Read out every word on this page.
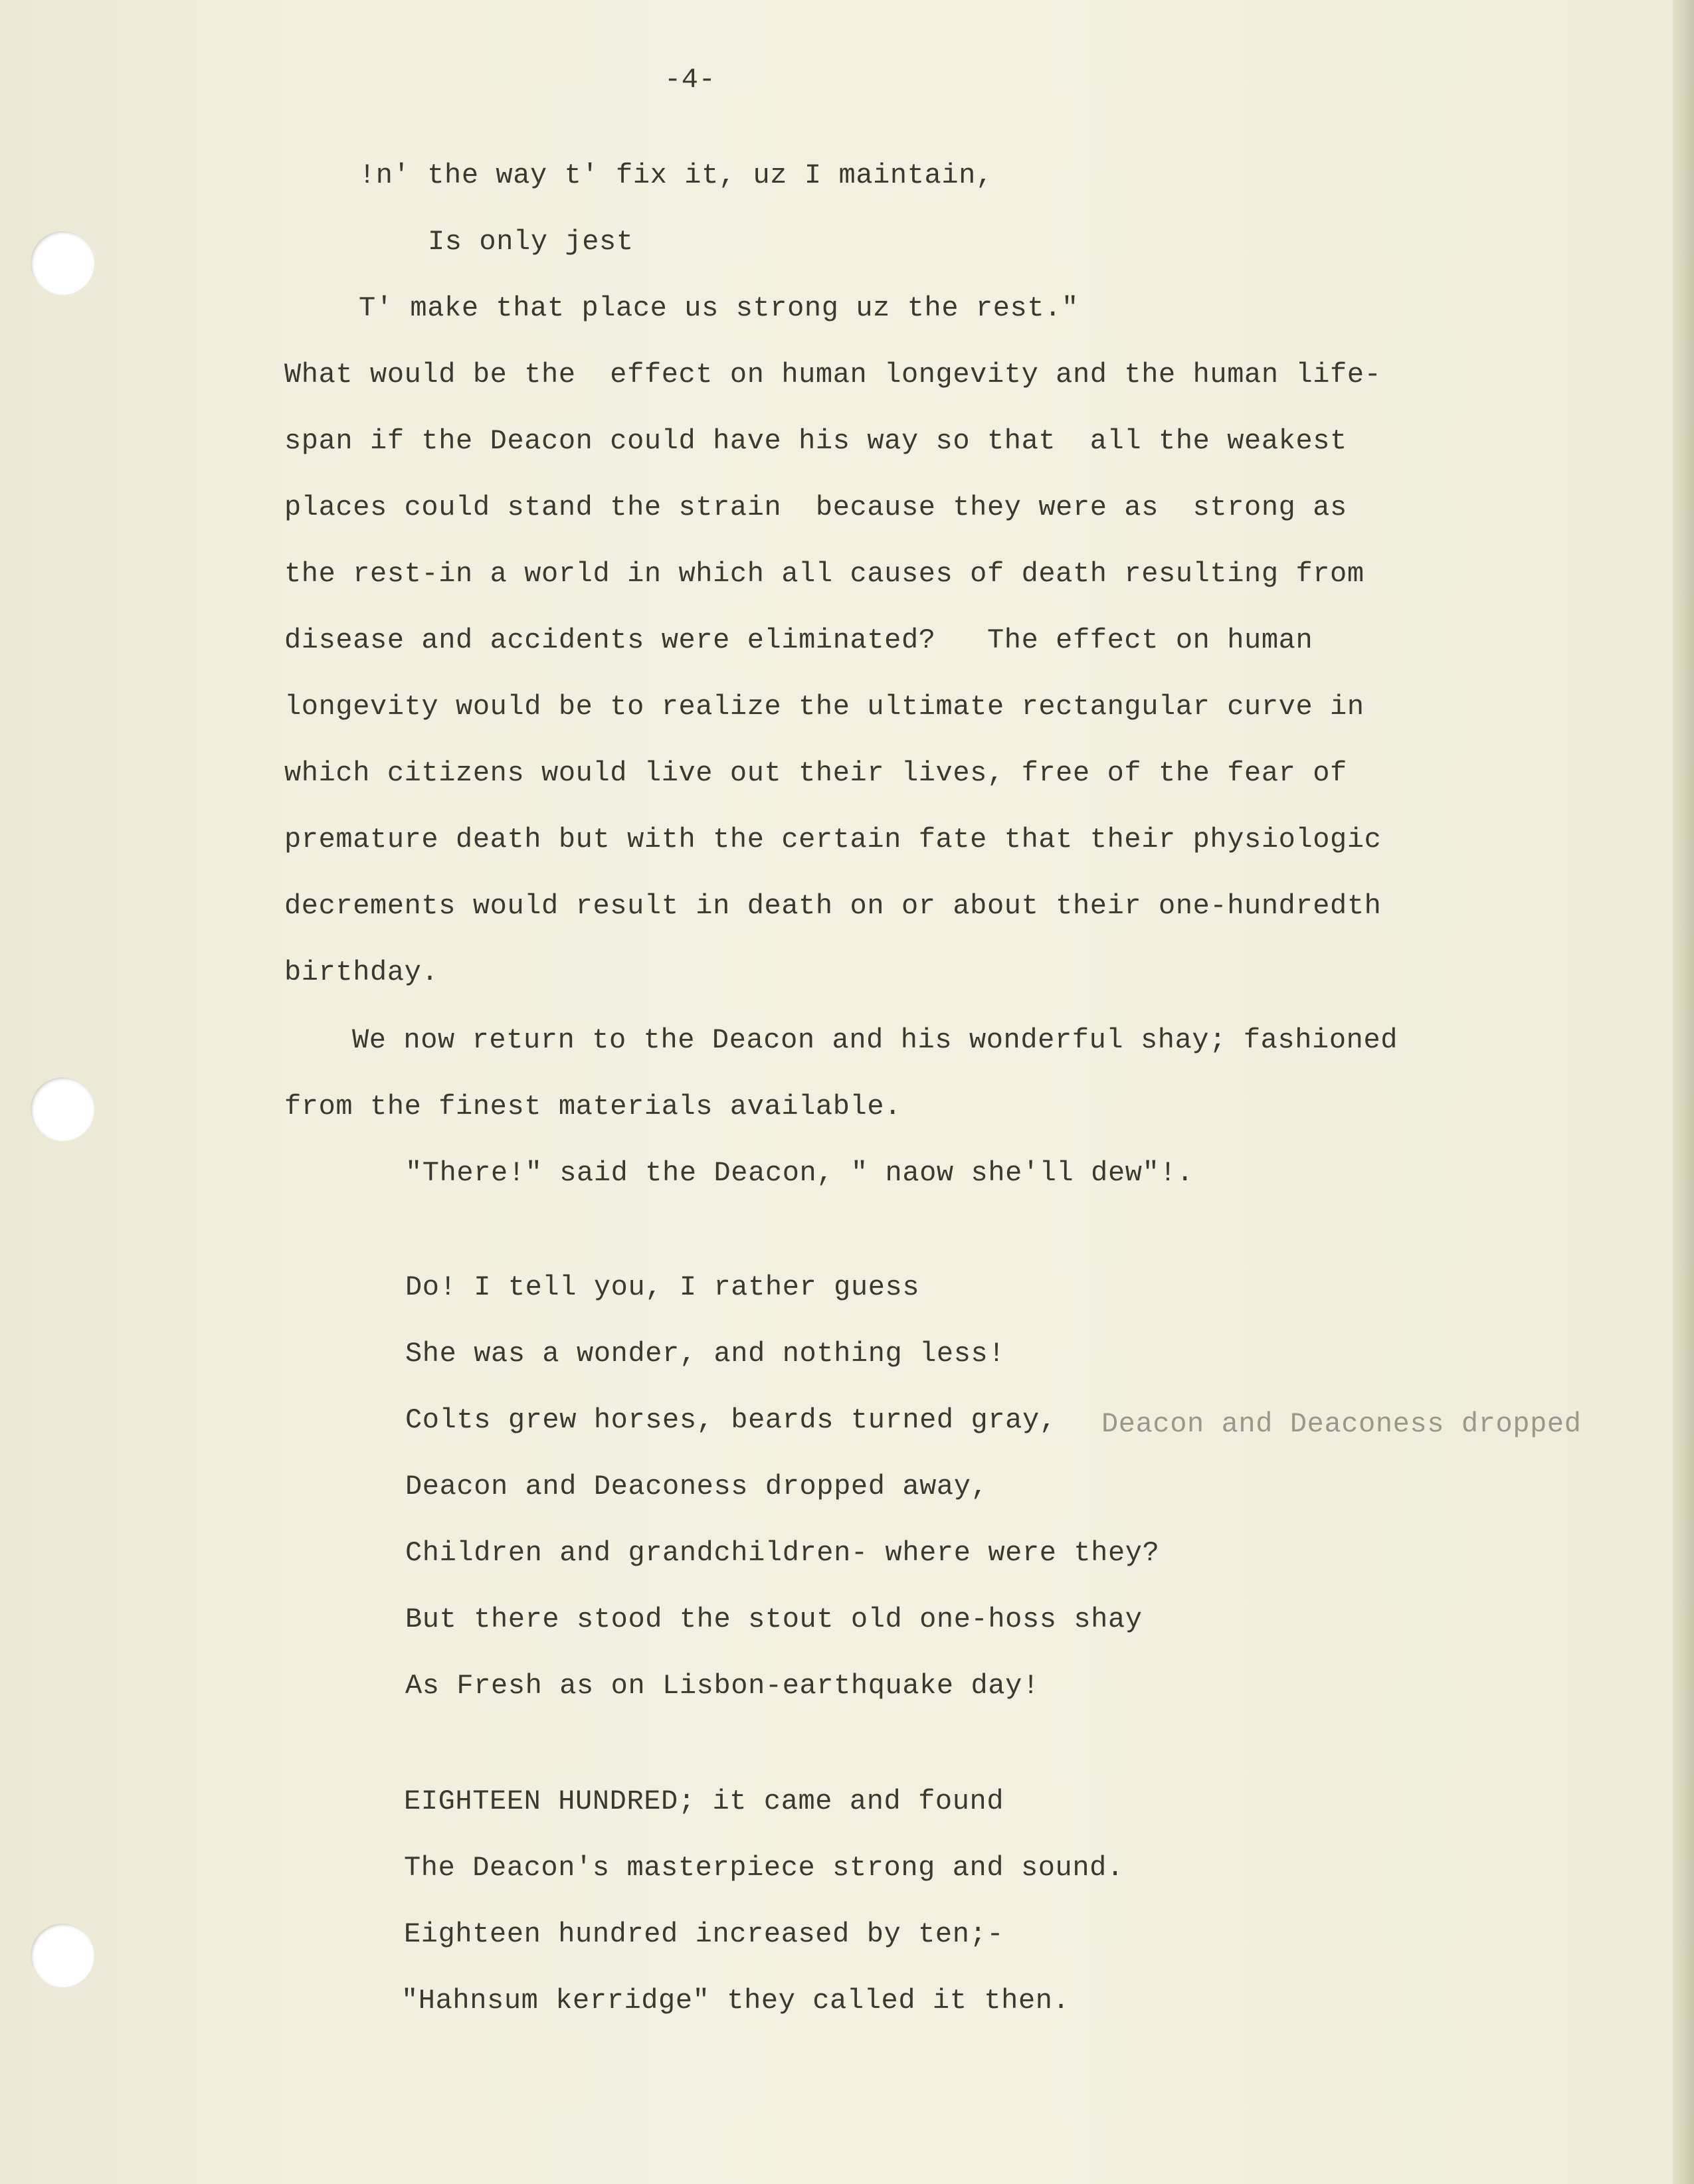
-4-
!n' the way t' fix it, uz I maintain,
Is only jest
T' make that place us strong uz the rest."
What would be the  effect on human longevity and the human life-
span if the Deacon could have his way so that  all the weakest
places could stand the strain  because they were as  strong as
the rest-in a world in which all causes of death resulting from
disease and accidents were eliminated?   The effect on human
longevity would be to realize the ultimate rectangular curve in
which citizens would live out their lives, free of the fear of
premature death but with the certain fate that their physiologic
decrements would result in death on or about their one-hundredth
birthday.
We now return to the Deacon and his wonderful shay; fashioned
from the finest materials available.
"There!" said the Deacon, " naow she'll dew"!.
Do! I tell you, I rather guess
She was a wonder, and nothing less!
Colts grew horses, beards turned gray, Deacon and Deaconess dropped
Deacon and Deaconess dropped away,
Children and grandchildren- where were they?
But there stood the stout old one-hoss shay
As Fresh as on Lisbon-earthquake day!
EIGHTEEN HUNDRED; it came and found
The Deacon's masterpiece strong and sound.
Eighteen hundred increased by ten;-
"Hahnsum kerridge" they called it then.
